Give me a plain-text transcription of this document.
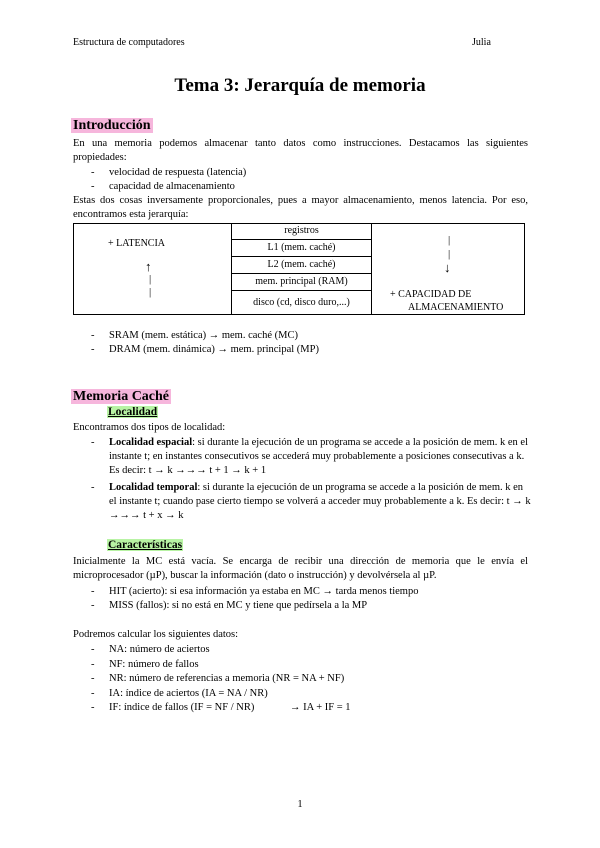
Estructura de computadores	Julia
Tema 3: Jerarquía de memoria
Introducción
En una memoria podemos almacenar tanto datos como instrucciones. Destacamos las siguientes propiedades:
- velocidad de respuesta (latencia)
- capacidad de almacenamiento
Estas dos cosas inversamente proporcionales, pues a mayor almacenamiento, menos latencia. Por eso, encontramos esta jerarquía:
+ LATENCIA
↑
|
|
registros
L1 (mem. caché)
L2 (mem. caché)
mem. principal (RAM)
disco (cd, disco duro,...)
|
|
↓
+ CAPACIDAD DE
ALMACENAMIENTO
- SRAM (mem. estática) → mem. caché (MC)
- DRAM (mem. dinámica) → mem. principal (MP)
Memoria Caché
Localidad
Encontramos dos tipos de localidad:
- Localidad espacial: si durante la ejecución de un programa se accede a la posición de mem. k en el instante t; en instantes consecutivos se accederá muy probablemente a posiciones consecutivas a k. Es decir: t → k →→→ t + 1 → k + 1
- Localidad temporal: si durante la ejecución de un programa se accede a la posición de mem. k en el instante t; cuando pase cierto tiempo se volverá a acceder muy probablemente a k. Es decir: t → k →→→ t + x → k
Características
Inicialmente la MC está vacía. Se encarga de recibir una dirección de memoria que le envía el microprocesador (µP), buscar la información (dato o instrucción) y devolvérsela al µP.
- HIT (acierto): si esa información ya estaba en MC → tarda menos tiempo
- MISS (fallos): si no está en MC y tiene que pedírsela a la MP
Podremos calcular los siguientes datos:
- NA: número de aciertos
- NF: número de fallos
- NR: número de referencias a memoria (NR = NA + NF)
- IA: índice de aciertos (IA = NA / NR)
- IF: índice de fallos (IF = NF / NR)	→ IA + IF = 1
1
